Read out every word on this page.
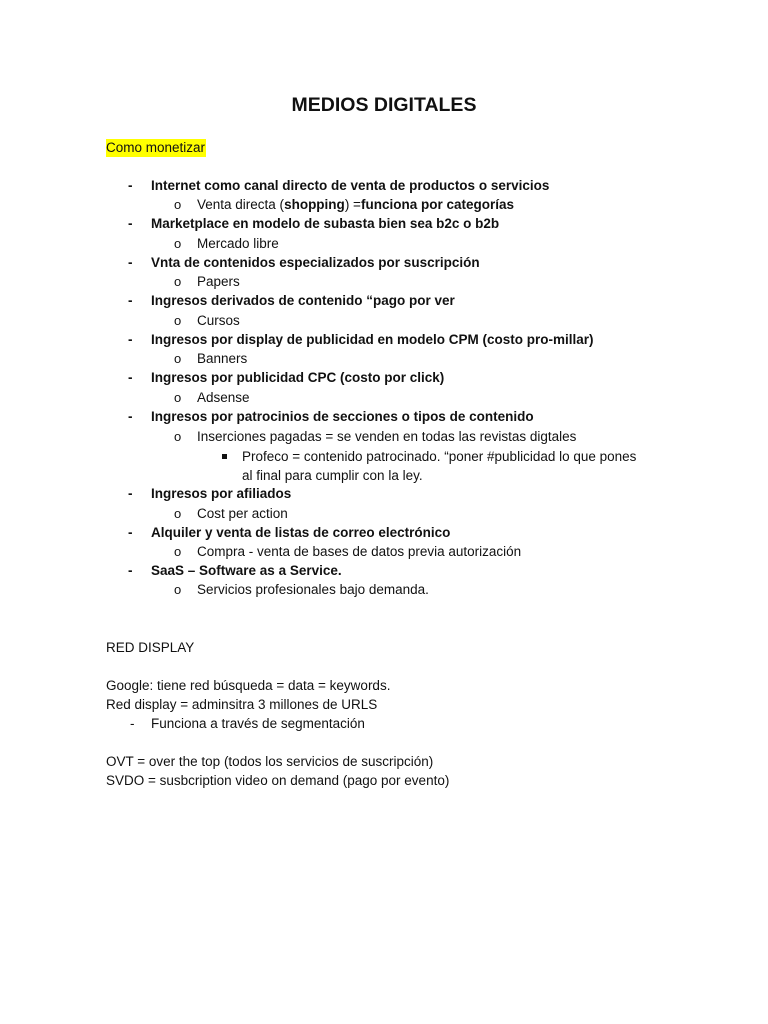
MEDIOS DIGITALES
Como monetizar
- Internet como canal directo de venta de productos o servicios
o Venta directa (shopping) =funciona por categorías
- Marketplace en modelo de subasta bien sea b2c o b2b
o Mercado libre
- Vnta de contenidos especializados por suscripción
o Papers
- Ingresos derivados de contenido “pago por ver
o Cursos
- Ingresos por display de publicidad en modelo CPM (costo pro-millar)
o Banners
- Ingresos por publicidad CPC (costo por click)
o Adsense
- Ingresos por patrocinios de secciones o tipos de contenido
o Inserciones pagadas = se venden en todas las revistas digtales
Profeco = contenido patrocinado. “poner #publicidad lo que pones
al final para cumplir con la ley.
- Ingresos por afiliados
o Cost per action
- Alquiler y venta de listas de correo electrónico
o Compra - venta de bases de datos previa autorización
- SaaS – Software as a Service.
o Servicios profesionales bajo demanda.
RED DISPLAY
Google: tiene red búsqueda = data = keywords.
Red display = adminsitra 3 millones de URLS
- Funciona a través de segmentación
OVT = over the top (todos los servicios de suscripción)
SVDO = susbcription video on demand (pago por evento)
